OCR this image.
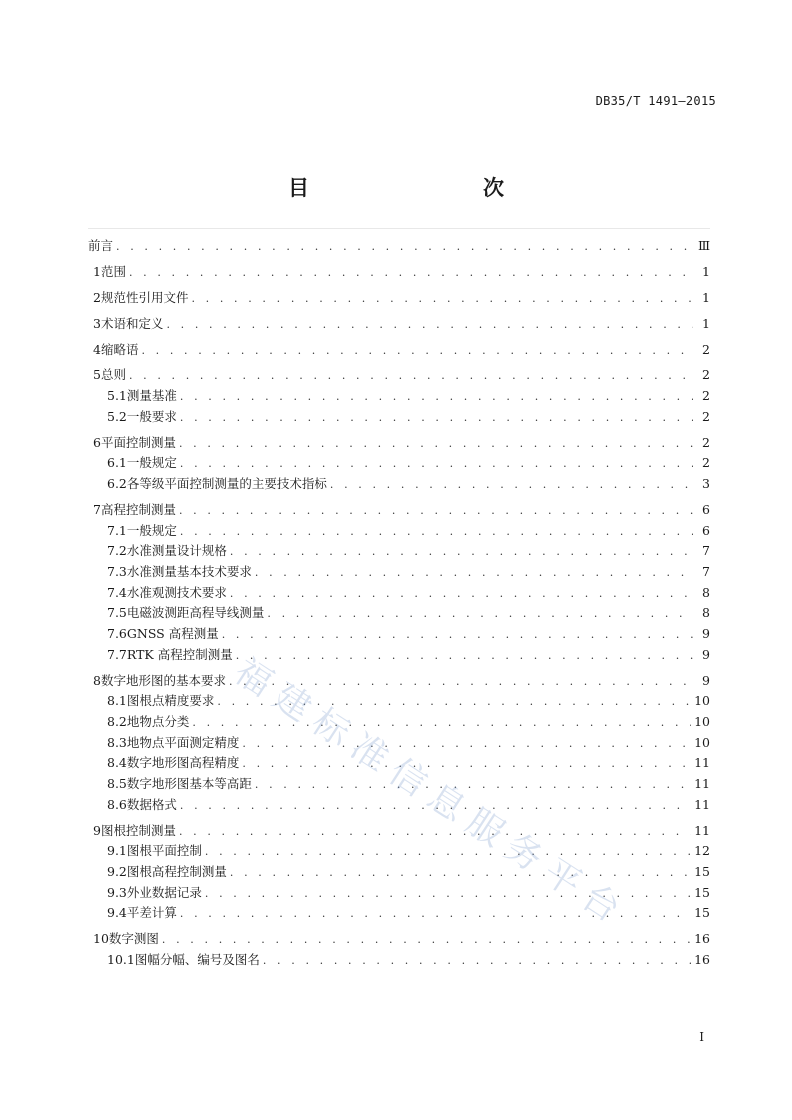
DB35/T 1491—2015
目　　次
前言 . . .	Ⅲ
1 范围 . . .	1
2 规范性引用文件 . . .	1
3 术语和定义 . . .	1
4 缩略语 . . .	2
5 总则 . . .	2
5.1 测量基准 . . .	2
5.2 一般要求 . . .	2
6 平面控制测量 . . .	2
6.1 一般规定 . . .	2
6.2 各等级平面控制测量的主要技术指标 . . .	3
7 高程控制测量 . . .	6
7.1 一般规定 . . .	6
7.2 水准测量设计规格 . . .	7
7.3 水准测量基本技术要求 . . .	7
7.4 水准观测技术要求 . . .	8
7.5 电磁波测距高程导线测量 . . .	8
7.6 GNSS 高程测量 . . .	9
7.7 RTK 高程控制测量 . . .	9
8 数字地形图的基本要求 . . .	9
8.1 图根点精度要求 . . .	10
8.2 地物点分类 . . .	10
8.3 地物点平面测定精度 . . .	10
8.4 数字地形图高程精度 . . .	11
8.5 数字地形图基本等高距 . . .	11
8.6 数据格式 . . .	11
9 图根控制测量 . . .	11
9.1 图根平面控制 . . .	12
9.2 图根高程控制测量 . . .	15
9.3 外业数据记录 . . .	15
9.4 平差计算 . . .	15
10 数字测图 . . .	16
10.1 图幅分幅、编号及图名 . . .	16
I
福建标准信息服务平台
